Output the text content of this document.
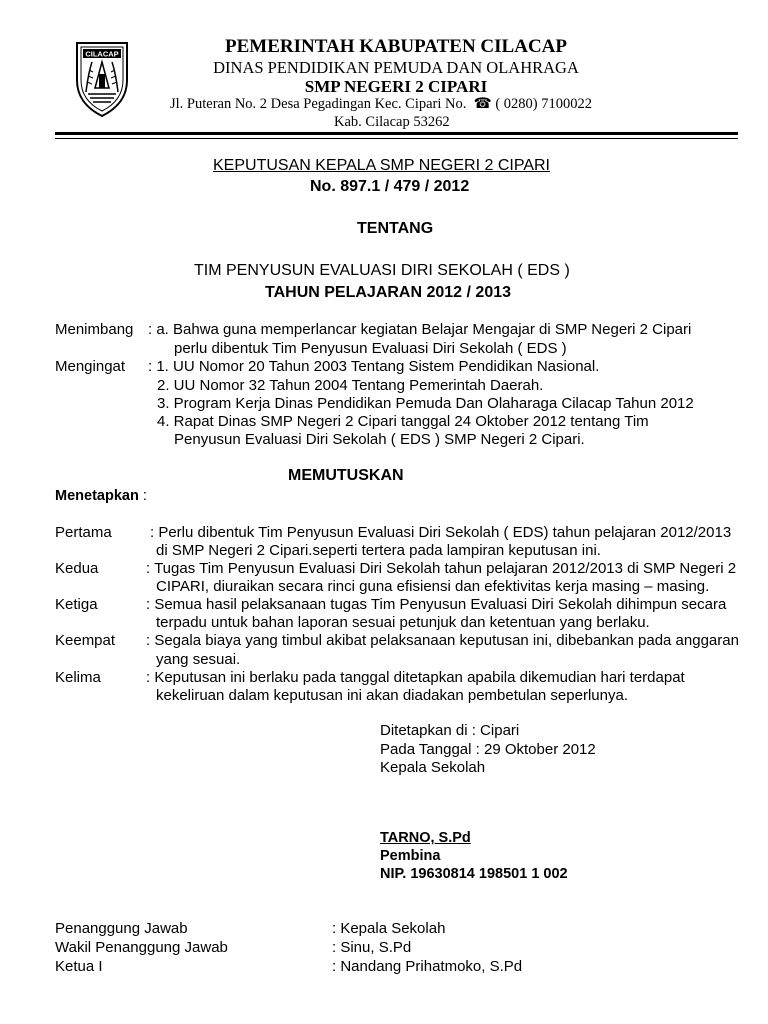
CILACAP	PEMERINTAH KABUPATEN CILACAP
DINAS PENDIDIKAN PEMUDA DAN OLAHRAGA
SMP NEGERI 2 CIPARI
Jl. Puteran No. 2 Desa Pegadingan Kec. Cipari No.  ☎ ( 0280) 7100022
Kab. Cilacap 53262
KEPUTUSAN KEPALA SMP NEGERI 2 CIPARI
No. 897.1 / 479 / 2012
TENTANG
TIM PENYUSUN EVALUASI DIRI SEKOLAH ( EDS )
TAHUN PELAJARAN 2012 / 2013
Menimbang : a. Bahwa guna memperlancar kegiatan Belajar Mengajar di SMP Negeri 2 Cipari
perlu dibentuk Tim Penyusun Evaluasi Diri Sekolah ( EDS )
Mengingat : 1. UU Nomor 20 Tahun 2003 Tentang Sistem Pendidikan Nasional.
2. UU Nomor 32 Tahun 2004 Tentang Pemerintah Daerah.
3. Program Kerja Dinas Pendidikan Pemuda Dan Olaharaga Cilacap Tahun 2012
4. Rapat Dinas SMP Negeri 2 Cipari tanggal 24 Oktober 2012 tentang Tim
Penyusun Evaluasi Diri Sekolah ( EDS ) SMP Negeri 2 Cipari.
MEMUTUSKAN
Menetapkan :
Pertama	: Perlu dibentuk Tim Penyusun Evaluasi Diri Sekolah ( EDS) tahun pelajaran 2012/2013
di SMP Negeri 2 Cipari.seperti tertera pada lampiran keputusan ini.
Kedua	: Tugas Tim Penyusun Evaluasi Diri Sekolah tahun pelajaran 2012/2013 di SMP Negeri 2
CIPARI, diuraikan secara rinci guna efisiensi dan efektivitas kerja masing – masing.
Ketiga	: Semua hasil pelaksanaan tugas Tim Penyusun Evaluasi Diri Sekolah dihimpun secara
terpadu untuk bahan laporan sesuai petunjuk dan ketentuan yang berlaku.
Keempat : Segala biaya yang timbul akibat pelaksanaan keputusan ini, dibebankan pada anggaran
yang sesuai.
Kelima	: Keputusan ini berlaku pada tanggal ditetapkan apabila dikemudian hari terdapat
kekeliruan dalam keputusan ini akan diadakan pembetulan seperlunya.
Ditetapkan di : Cipari
Pada Tanggal : 29 Oktober 2012
Kepala Sekolah
TARNO, S.Pd
Pembina
NIP. 19630814 198501 1 002
Penanggung Jawab	: Kepala Sekolah
Wakil Penanggung Jawab	: Sinu, S.Pd
Ketua I	: Nandang Prihatmoko, S.Pd
